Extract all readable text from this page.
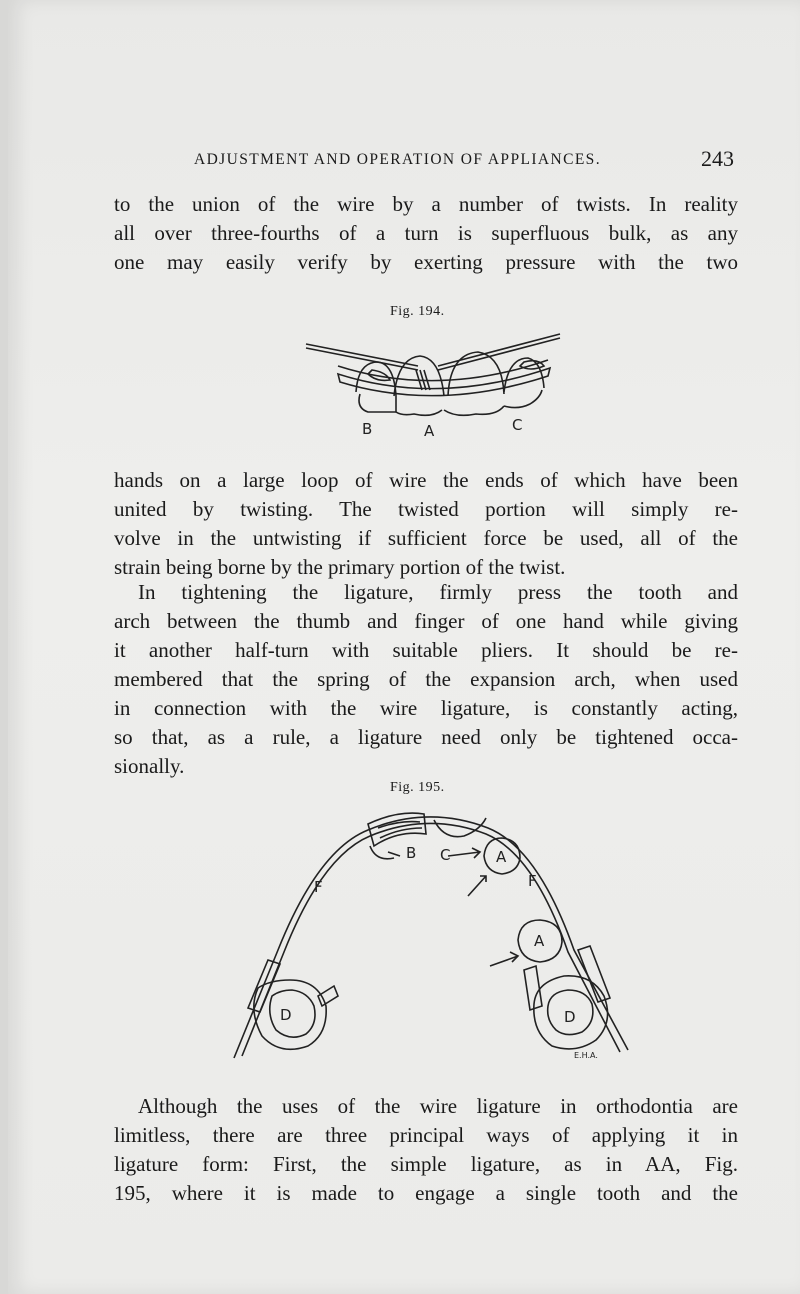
ADJUSTMENT AND OPERATION OF APPLIANCES.	243
to the union of the wire by a number of twists. In reality
all over three-fourths of a turn is superfluous bulk, as any
one may easily verify by exerting pressure with the two
Fig. 194.
B	A	C
hands on a large loop of wire the ends of which have been
united by twisting. The twisted portion will simply re-
volve in the untwisting if sufficient force be used, all of the
strain being borne by the primary portion of the twist.
In tightening the ligature, firmly press the tooth and
arch between the thumb and finger of one hand while giving
it another half-turn with suitable pliers. It should be re-
membered that the spring of the expansion arch, when used
in connection with the wire ligature, is constantly acting,
so that, as a rule, a ligature need only be tightened occa-
sionally.
Fig. 195.
B C	A
A
F	F
D	D
E.H.A.
Although the uses of the wire ligature in orthodontia are
limitless, there are three principal ways of applying it in
ligature form: First, the simple ligature, as in AA, Fig.
195, where it is made to engage a single tooth and the
